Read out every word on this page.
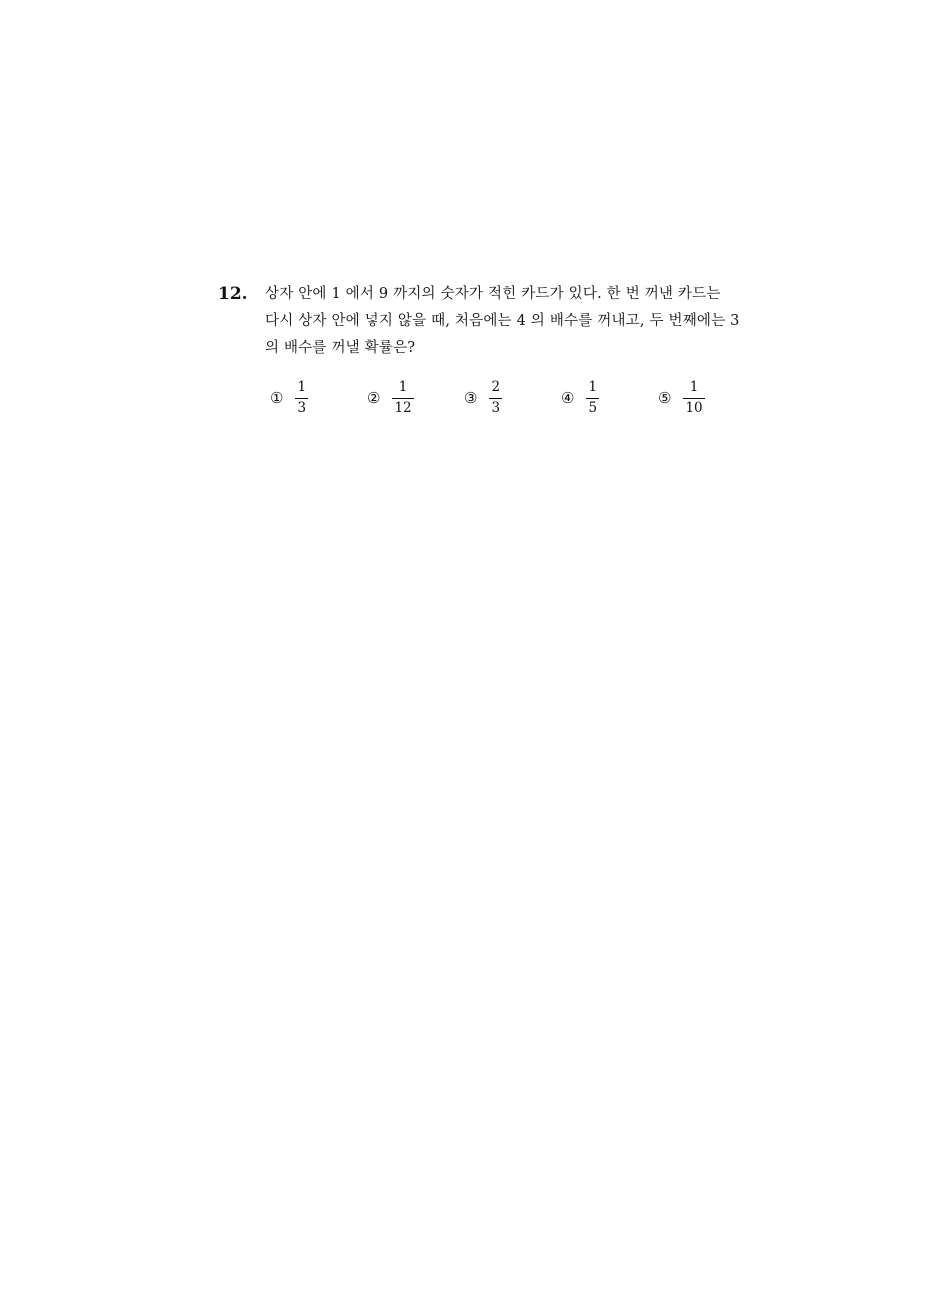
12. 상자 안에 1 에서 9 까지의 숫자가 적힌 카드가 있다. 한 번 꺼낸 카드는
다시 상자 안에 넣지 않을 때, 처음에는 4 의 배수를 꺼내고, 두 번째에는 3
의 배수를 꺼낼 확률은?
① $\frac{1}{3}$	② $\frac{1}{12}$	③ $\frac{2}{3}$	④ $\frac{1}{5}$	⑤ $\frac{1}{10}$
